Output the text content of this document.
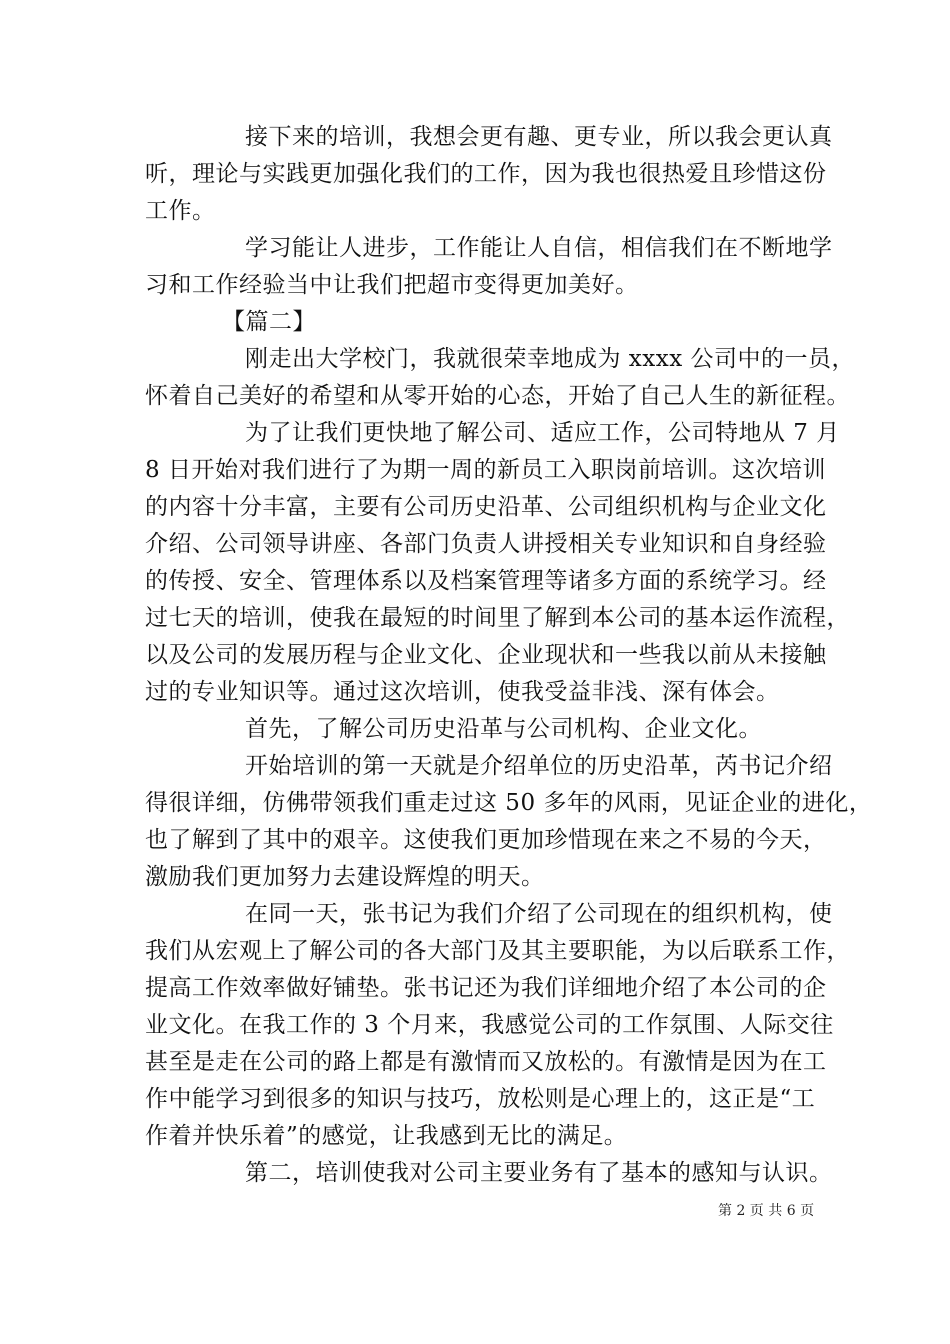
接下来的培训，我想会更有趣、更专业，所以我会更认真
听，理论与实践更加强化我们的工作，因为我也很热爱且珍惜这份
工作。
学习能让人进步，工作能让人自信，相信我们在不断地学
习和工作经验当中让我们把超市变得更加美好。
【篇二】
刚走出大学校门，我就很荣幸地成为 xxxx 公司中的一员，
怀着自己美好的希望和从零开始的心态，开始了自己人生的新征程。
为了让我们更快地了解公司、适应工作，公司特地从 7 月
8 日开始对我们进行了为期一周的新员工入职岗前培训。这次培训
的内容十分丰富，主要有公司历史沿革、公司组织机构与企业文化
介绍、公司领导讲座、各部门负责人讲授相关专业知识和自身经验
的传授、安全、管理体系以及档案管理等诸多方面的系统学习。经
过七天的培训，使我在最短的时间里了解到本公司的基本运作流程，
以及公司的发展历程与企业文化、企业现状和一些我以前从未接触
过的专业知识等。通过这次培训，使我受益非浅、深有体会。
首先，了解公司历史沿革与公司机构、企业文化。
开始培训的第一天就是介绍单位的历史沿革，芮书记介绍
得很详细，仿佛带领我们重走过这 50 多年的风雨，见证企业的进化，
也了解到了其中的艰辛。这使我们更加珍惜现在来之不易的今天，
激励我们更加努力去建设辉煌的明天。
在同一天，张书记为我们介绍了公司现在的组织机构，使
我们从宏观上了解公司的各大部门及其主要职能，为以后联系工作，
提高工作效率做好铺垫。张书记还为我们详细地介绍了本公司的企
业文化。在我工作的 3 个月来，我感觉公司的工作氛围、人际交往
甚至是走在公司的路上都是有激情而又放松的。有激情是因为在工
作中能学习到很多的知识与技巧，放松则是心理上的，这正是“工
作着并快乐着”的感觉，让我感到无比的满足。
第二，培训使我对公司主要业务有了基本的感知与认识。
第 2 页 共 6 页
